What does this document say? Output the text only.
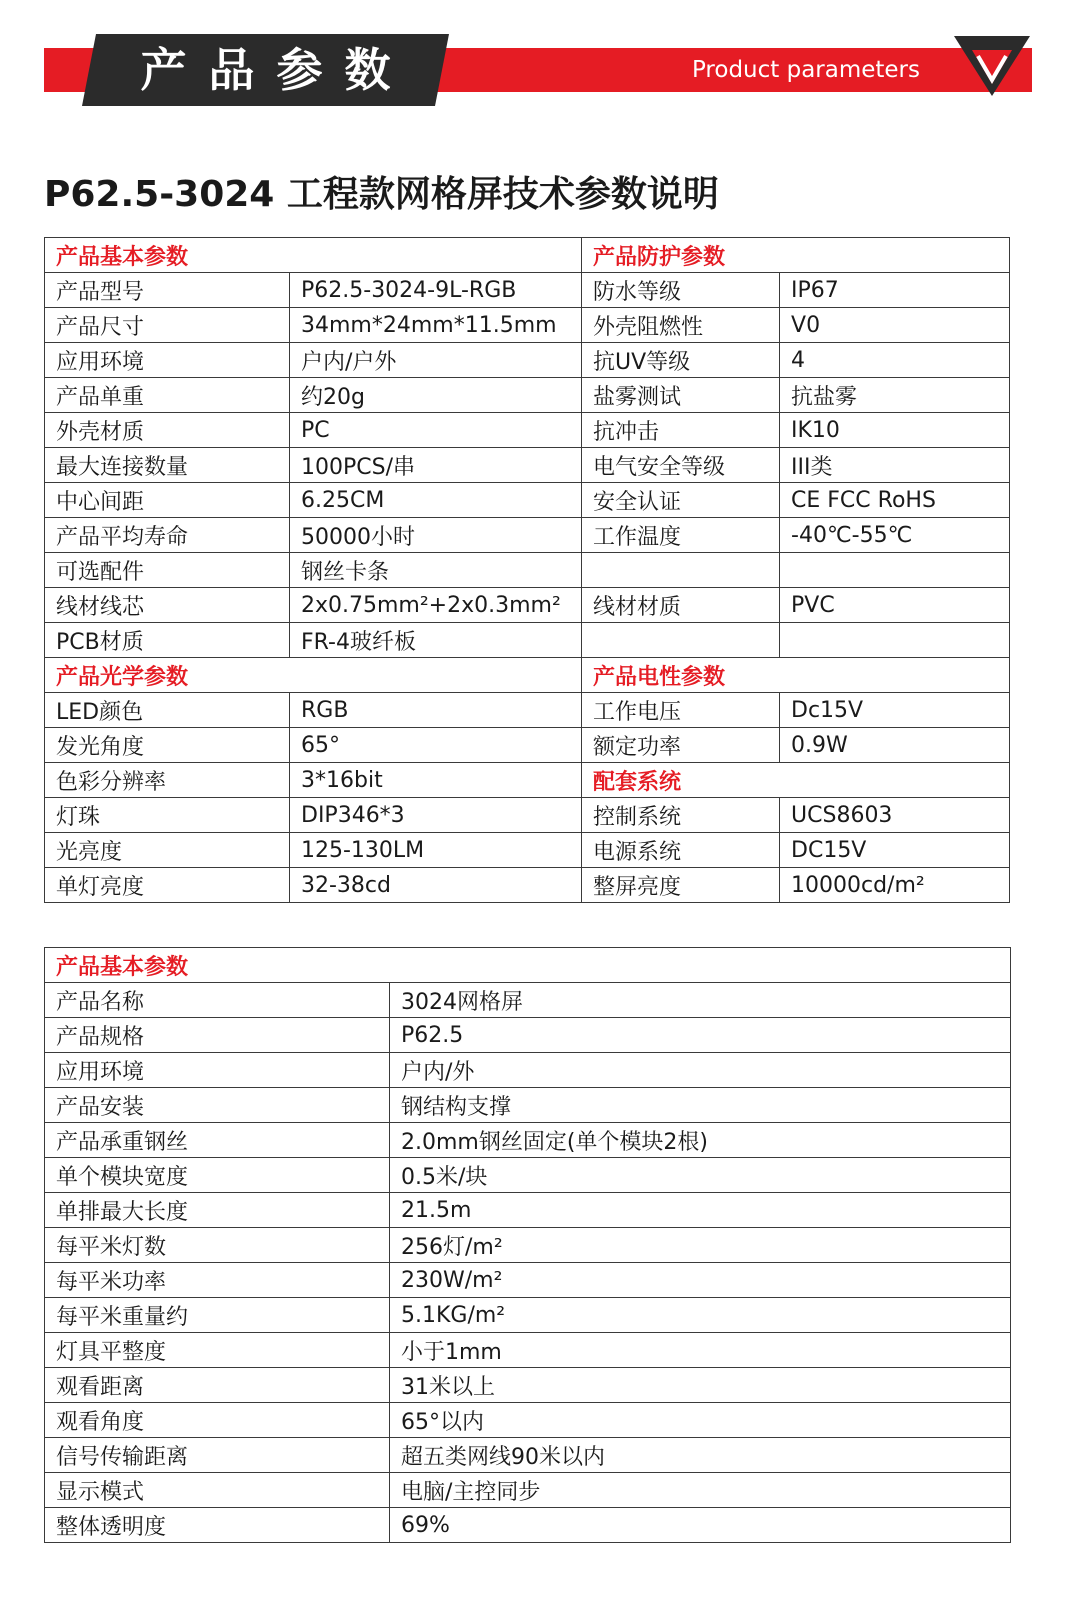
产品参数	Product parameters
P62.5-3024 工程款网格屏技术参数说明
产品基本参数		产品防护参数	
产品型号	P62.5-3024-9L-RGB	防水等级	IP67
产品尺寸	34mm*24mm*11.5mm	外壳阻燃性	V0
应用环境	户内/户外	抗UV等级	4
产品单重	约20g	盐雾测试	抗盐雾
外壳材质	PC	抗冲击	IK10
最大连接数量	100PCS/串	电气安全等级	III类
中心间距	6.25CM	安全认证	CE FCC RoHS
产品平均寿命	50000小时	工作温度	-40℃-55℃
可选配件	钢丝卡条		
线材线芯	2x0.75mm²+2x0.3mm²	线材材质	PVC
PCB材质	FR-4玻纤板		
产品光学参数		产品电性参数	
LED颜色	RGB	工作电压	Dc15V
发光角度	65°	额定功率	0.9W
色彩分辨率	3*16bit	配套系统	
灯珠	DIP346*3	控制系统	UCS8603
光亮度	125-130LM	电源系统	DC15V
单灯亮度	32-38cd	整屏亮度	10000cd/m²
产品基本参数	
产品名称	3024网格屏
产品规格	P62.5
应用环境	户内/外
产品安装	钢结构支撑
产品承重钢丝	2.0mm钢丝固定(单个模块2根)
单个模块宽度	0.5米/块
单排最大长度	21.5m
每平米灯数	256灯/m²
每平米功率	230W/m²
每平米重量约	5.1KG/m²
灯具平整度	小于1mm
观看距离	31米以上
观看角度	65°以内
信号传输距离	超五类网线90米以内
显示模式	电脑/主控同步
整体透明度	69%
